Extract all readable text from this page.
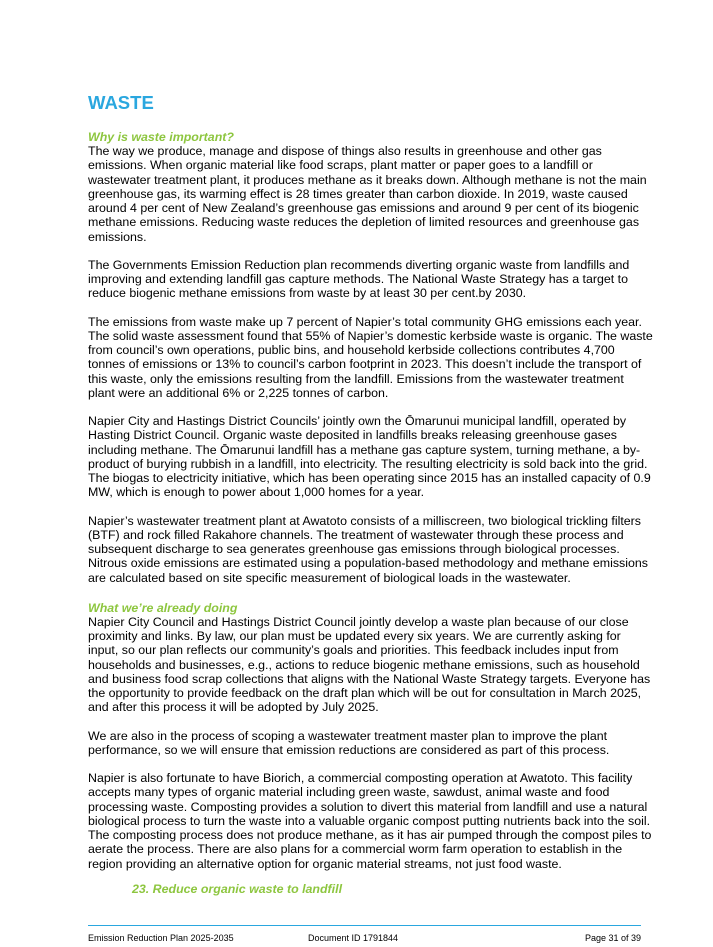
WASTE
Why is waste important?

The way we produce, manage and dispose of things also results in greenhouse and other gas emissions. When organic material like food scraps, plant matter or paper goes to a landfill or wastewater treatment plant, it produces methane as it breaks down. Although methane is not the main greenhouse gas, its warming effect is 28 times greater than carbon dioxide. In 2019, waste caused around 4 per cent of New Zealand’s greenhouse gas emissions and around 9 per cent of its biogenic methane emissions. Reducing waste reduces the depletion of limited resources and greenhouse gas emissions.

The Governments Emission Reduction plan recommends diverting organic waste from landfills and improving and extending landfill gas capture methods. The National Waste Strategy has a target to reduce biogenic methane emissions from waste by at least 30 per cent.by 2030.

The emissions from waste make up 7 percent of Napier’s total community GHG emissions each year. The solid waste assessment found that 55% of Napier’s domestic kerbside waste is organic. The waste from council’s own operations, public bins, and household kerbside collections contributes 4,700 tonnes of emissions or 13% to council’s carbon footprint in 2023. This doesn’t include the transport of this waste, only the emissions resulting from the landfill. Emissions from the wastewater treatment plant were an additional 6% or 2,225 tonnes of carbon.

Napier City and Hastings District Councils’ jointly own the Ōmarunui municipal landfill, operated by Hasting District Council. Organic waste deposited in landfills breaks releasing greenhouse gases including methane. The Ōmarunui landfill has a methane gas capture system, turning methane, a by-product of burying rubbish in a landfill, into electricity. The resulting electricity is sold back into the grid. The biogas to electricity initiative, which has been operating since 2015 has an installed capacity of 0.9 MW, which is enough to power about 1,000 homes for a year.

Napier’s wastewater treatment plant at Awatoto consists of a milliscreen, two biological trickling filters (BTF) and rock filled Rakahore channels. The treatment of wastewater through these process and subsequent discharge to sea generates greenhouse gas emissions through biological processes. Nitrous oxide emissions are estimated using a population-based methodology and methane emissions are calculated based on site specific measurement of biological loads in the wastewater.

What we’re already doing

Napier City Council and Hastings District Council jointly develop a waste plan because of our close proximity and links. By law, our plan must be updated every six years. We are currently asking for input, so our plan reflects our community’s goals and priorities. This feedback includes input from households and businesses, e.g., actions to reduce biogenic methane emissions, such as household and business food scrap collections that aligns with the National Waste Strategy targets. Everyone has the opportunity to provide feedback on the draft plan which will be out for consultation in March 2025, and after this process it will be adopted by July 2025.

We are also in the process of scoping a wastewater treatment master plan to improve the plant performance, so we will ensure that emission reductions are considered as part of this process.

Napier is also fortunate to have Biorich, a commercial composting operation at Awatoto. This facility accepts many types of organic material including green waste, sawdust, animal waste and food processing waste. Composting provides a solution to divert this material from landfill and use a natural biological process to turn the waste into a valuable organic compost putting nutrients back into the soil. The composting process does not produce methane, as it has air pumped through the compost piles to aerate the process. There are also plans for a commercial worm farm operation to establish in the region providing an alternative option for organic material streams, not just food waste.

23. Reduce organic waste to landfill
Emission Reduction Plan 2025-2035	Document ID 1791844	Page 31 of 39
